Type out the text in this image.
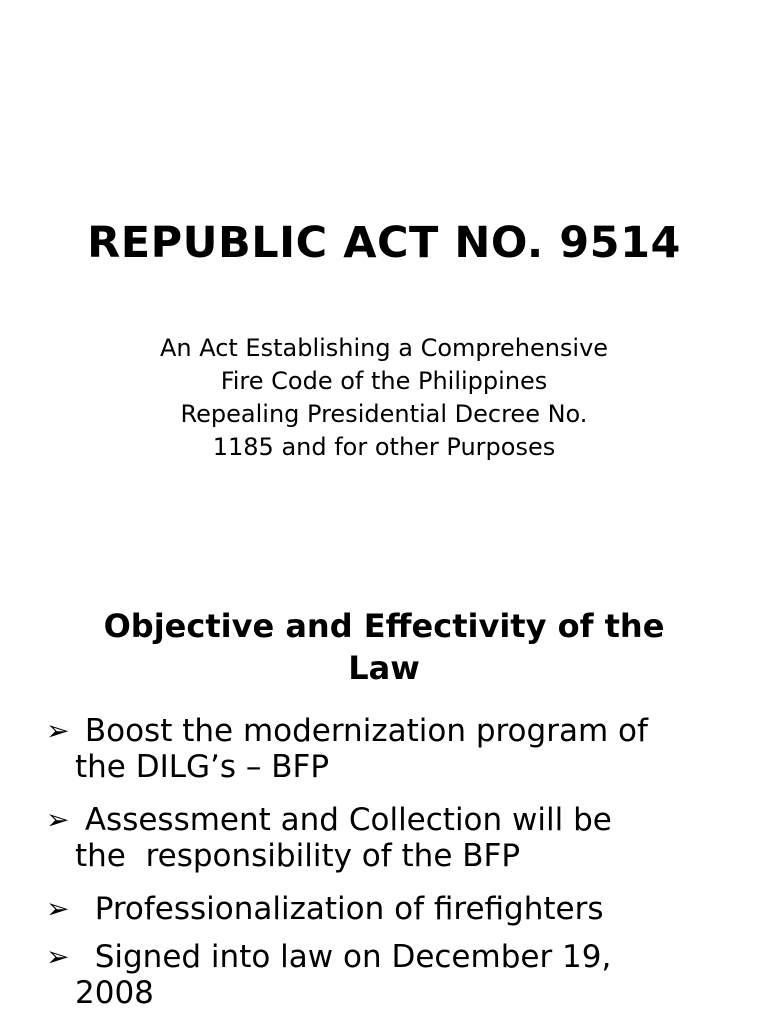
REPUBLIC ACT NO. 9514
An Act Establishing a Comprehensive
Fire Code of the Philippines
Repealing Presidential Decree No.
1185 and for other Purposes
Objective and Effectivity of the
Law
➢ Boost the modernization program of
the DILG’s – BFP
➢ Assessment and Collection will be
the  responsibility of the BFP
➢ Professionalization of firefighters
➢ Signed into law on December 19,
2008
